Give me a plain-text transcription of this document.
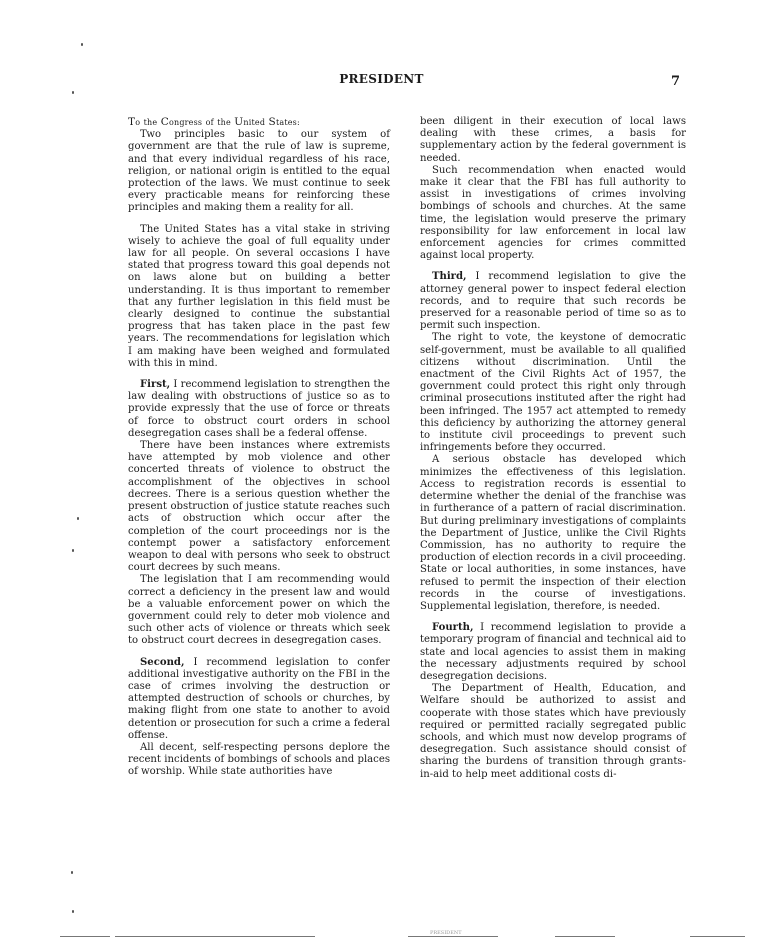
PRESIDENT	7

To the Congress of the United States:

Two principles basic to our system of government are that the rule of law is supreme, and that every individual regardless of his race, religion, or national origin is entitled to the equal protection of the laws. We must continue to seek every practicable means for reinforcing these principles and making them a reality for all.

The United States has a vital stake in striving wisely to achieve the goal of full equality under law for all people. On several occasions I have stated that progress toward this goal depends not on laws alone but on building a better understanding. It is thus important to remember that any further legislation in this field must be clearly designed to continue the substantial progress that has taken place in the past few years. The recommendations for legislation which I am making have been weighed and formulated with this in mind.

First, I recommend legislation to strengthen the law dealing with obstructions of justice so as to provide expressly that the use of force or threats of force to obstruct court orders in school desegregation cases shall be a federal offense.

There have been instances where extremists have attempted by mob violence and other concerted threats of violence to obstruct the accomplishment of the objectives in school decrees. There is a serious question whether the present obstruction of justice statute reaches such acts of obstruction which occur after the completion of the court proceedings nor is the contempt power a satisfactory enforcement weapon to deal with persons who seek to obstruct court decrees by such means.

The legislation that I am recommending would correct a deficiency in the present law and would be a valuable enforcement power on which the government could rely to deter mob violence and such other acts of violence or threats which seek to obstruct court decrees in desegregation cases.

Second, I recommend legislation to confer additional investigative authority on the FBI in the case of crimes involving the destruction or attempted destruction of schools or churches, by making flight from one state to another to avoid detention or prosecution for such a crime a federal offense.

All decent, self-respecting persons deplore the recent incidents of bombings of schools and places of worship. While state authorities have

been diligent in their execution of local laws dealing with these crimes, a basis for supplementary action by the federal government is needed.

Such recommendation when enacted would make it clear that the FBI has full authority to assist in investigations of crimes involving bombings of schools and churches. At the same time, the legislation would preserve the primary responsibility for law enforcement in local law enforcement agencies for crimes committed against local property.

Third, I recommend legislation to give the attorney general power to inspect federal election records, and to require that such records be preserved for a reasonable period of time so as to permit such inspection.

The right to vote, the keystone of democratic self-government, must be available to all qualified citizens without discrimination. Until the enactment of the Civil Rights Act of 1957, the government could protect this right only through criminal prosecutions instituted after the right had been infringed. The 1957 act attempted to remedy this deficiency by authorizing the attorney general to institute civil proceedings to prevent such infringements before they occurred.

A serious obstacle has developed which minimizes the effectiveness of this legislation. Access to registration records is essential to determine whether the denial of the franchise was in furtherance of a pattern of racial discrimination. But during preliminary investigations of complaints the Department of Justice, unlike the Civil Rights Commission, has no authority to require the production of election records in a civil proceeding. State or local authorities, in some instances, have refused to permit the inspection of their election records in the course of investigations. Supplemental legislation, therefore, is needed.

Fourth, I recommend legislation to provide a temporary program of financial and technical aid to state and local agencies to assist them in making the necessary adjustments required by school desegregation decisions.

The Department of Health, Education, and Welfare should be authorized to assist and cooperate with those states which have previously required or permitted racially segregated public schools, and which must now develop programs of desegregation. Such assistance should consist of sharing the burdens of transition through grants-in-aid to help meet additional costs di-

PRESIDENT
